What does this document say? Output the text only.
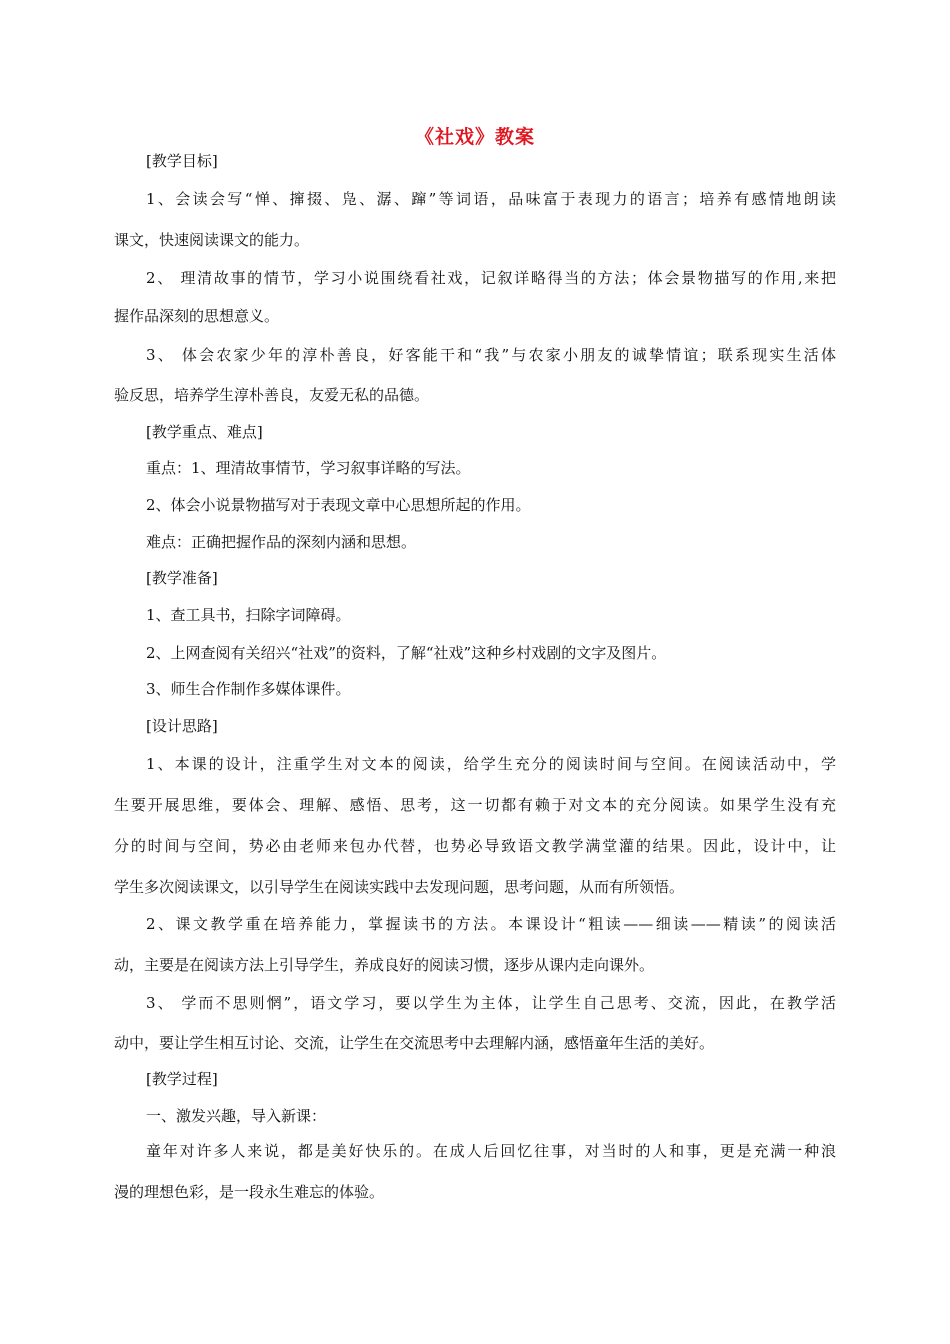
《社戏》教案
[教学目标]
1、会读会写“惮、撺掇、凫、潺、蹿”等词语，品味富于表现力的语言；培养有感情地朗读
课文，快速阅读课文的能力。
2、 理清故事的情节，学习小说围绕看社戏，记叙详略得当的方法；体会景物描写的作用,来把
握作品深刻的思想意义。
3、 体会农家少年的淳朴善良，好客能干和“我”与农家小朋友的诚挚情谊；联系现实生活体
验反思，培养学生淳朴善良，友爱无私的品德。
[教学重点、难点]
重点：1、理清故事情节，学习叙事详略的写法。
2、体会小说景物描写对于表现文章中心思想所起的作用。
难点：正确把握作品的深刻内涵和思想。
[教学准备]
1、查工具书，扫除字词障碍。
2、上网查阅有关绍兴“社戏”的资料，了解“社戏”这种乡村戏剧的文字及图片。
3、师生合作制作多媒体课件。
[设计思路]
1、本课的设计，注重学生对文本的阅读，给学生充分的阅读时间与空间。在阅读活动中，学
生要开展思维，要体会、理解、感悟、思考，这一切都有赖于对文本的充分阅读。如果学生没有充
分的时间与空间，势必由老师来包办代替，也势必导致语文教学满堂灌的结果。因此，设计中，让
学生多次阅读课文，以引导学生在阅读实践中去发现问题，思考问题，从而有所领悟。
2、课文教学重在培养能力，掌握读书的方法。本课设计“粗读——细读——精读”的阅读活
动，主要是在阅读方法上引导学生，养成良好的阅读习惯，逐步从课内走向课外。
3、 学而不思则惘”，语文学习，要以学生为主体，让学生自己思考、交流，因此，在教学活
动中，要让学生相互讨论、交流，让学生在交流思考中去理解内涵，感悟童年生活的美好。
[教学过程]
一、激发兴趣，导入新课：
童年对许多人来说，都是美好快乐的。在成人后回忆往事，对当时的人和事，更是充满一种浪
漫的理想色彩，是一段永生难忘的体验。
